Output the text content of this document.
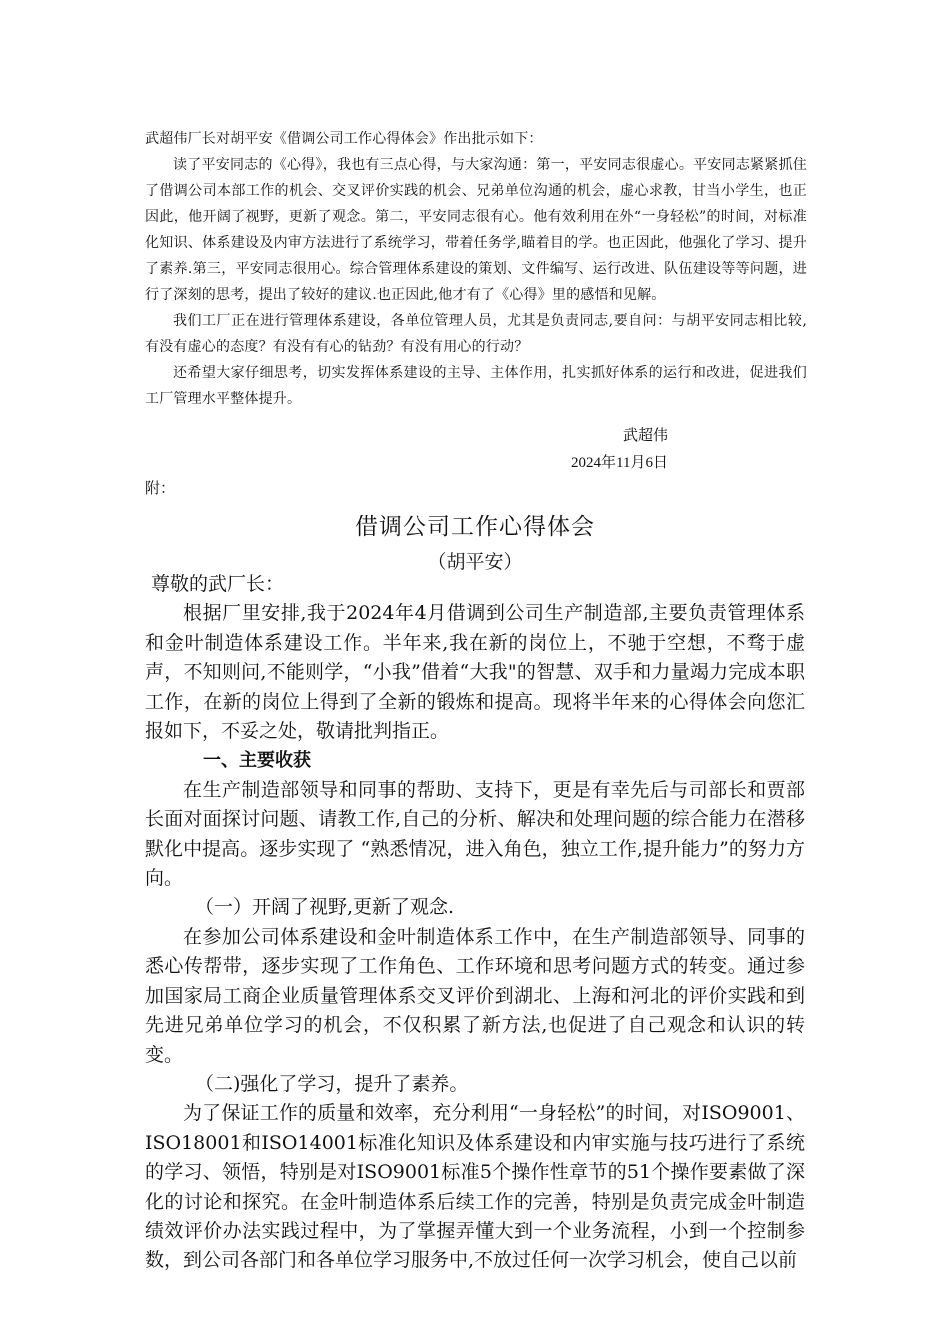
武超伟厂长对胡平安《借调公司工作心得体会》作出批示如下：

读了平安同志的《心得》，我也有三点心得，与大家沟通：第一，平安同志很虚心。平安同志紧紧抓住了借调公司本部工作的机会、交叉评价实践的机会、兄弟单位沟通的机会，虚心求教，甘当小学生，也正因此，他开阔了视野，更新了观念。第二，平安同志很有心。他有效利用在外“一身轻松”的时间，对标准化知识、体系建设及内审方法进行了系统学习，带着任务学,瞄着目的学。也正因此，他强化了学习、提升了素养.第三，平安同志很用心。综合管理体系建设的策划、文件编写、运行改进、队伍建设等等问题，进行了深刻的思考，提出了较好的建议.也正因此,他才有了《心得》里的感悟和见解。

我们工厂正在进行管理体系建设，各单位管理人员，尤其是负责同志,要自问：与胡平安同志相比较,有没有虚心的态度？有没有有心的钻劲？有没有用心的行动？

还希望大家仔细思考，切实发挥体系建设的主导、主体作用，扎实抓好体系的运行和改进，促进我们工厂管理水平整体提升。

武超伟
2024年11月6日
附：
借调公司工作心得体会
（胡平安）

尊敬的武厂长：

根据厂里安排,我于2024年4月借调到公司生产制造部,主要负责管理体系和金叶制造体系建设工作。半年来,我在新的岗位上，不驰于空想，不骛于虚声，不知则问,不能则学，“小我”借着“大我"的智慧、双手和力量竭力完成本职工作，在新的岗位上得到了全新的锻炼和提高。现将半年来的心得体会向您汇报如下，不妥之处，敬请批判指正。

一、主要收获

在生产制造部领导和同事的帮助、支持下，更是有幸先后与司部长和贾部长面对面探讨问题、请教工作,自己的分析、解决和处理问题的综合能力在潜移默化中提高。逐步实现了 “熟悉情况，进入角色，独立工作,提升能力”的努力方向。

（一）开阔了视野,更新了观念.

在参加公司体系建设和金叶制造体系工作中，在生产制造部领导、同事的悉心传帮带，逐步实现了工作角色、工作环境和思考问题方式的转变。通过参加国家局工商企业质量管理体系交叉评价到湖北、上海和河北的评价实践和到先进兄弟单位学习的机会，不仅积累了新方法,也促进了自己观念和认识的转变。

（二)强化了学习，提升了素养。

为了保证工作的质量和效率，充分利用“一身轻松”的时间，对ISO9001、ISO18001和ISO14001标准化知识及体系建设和内审实施与技巧进行了系统的学习、领悟，特别是对ISO9001标准5个操作性章节的51个操作要素做了深化的讨论和探究。在金叶制造体系后续工作的完善，特别是负责完成金叶制造绩效评价办法实践过程中，为了掌握弄懂大到一个业务流程，小到一个控制参数，到公司各部门和各单位学习服务中,不放过任何一次学习机会，使自己以前
